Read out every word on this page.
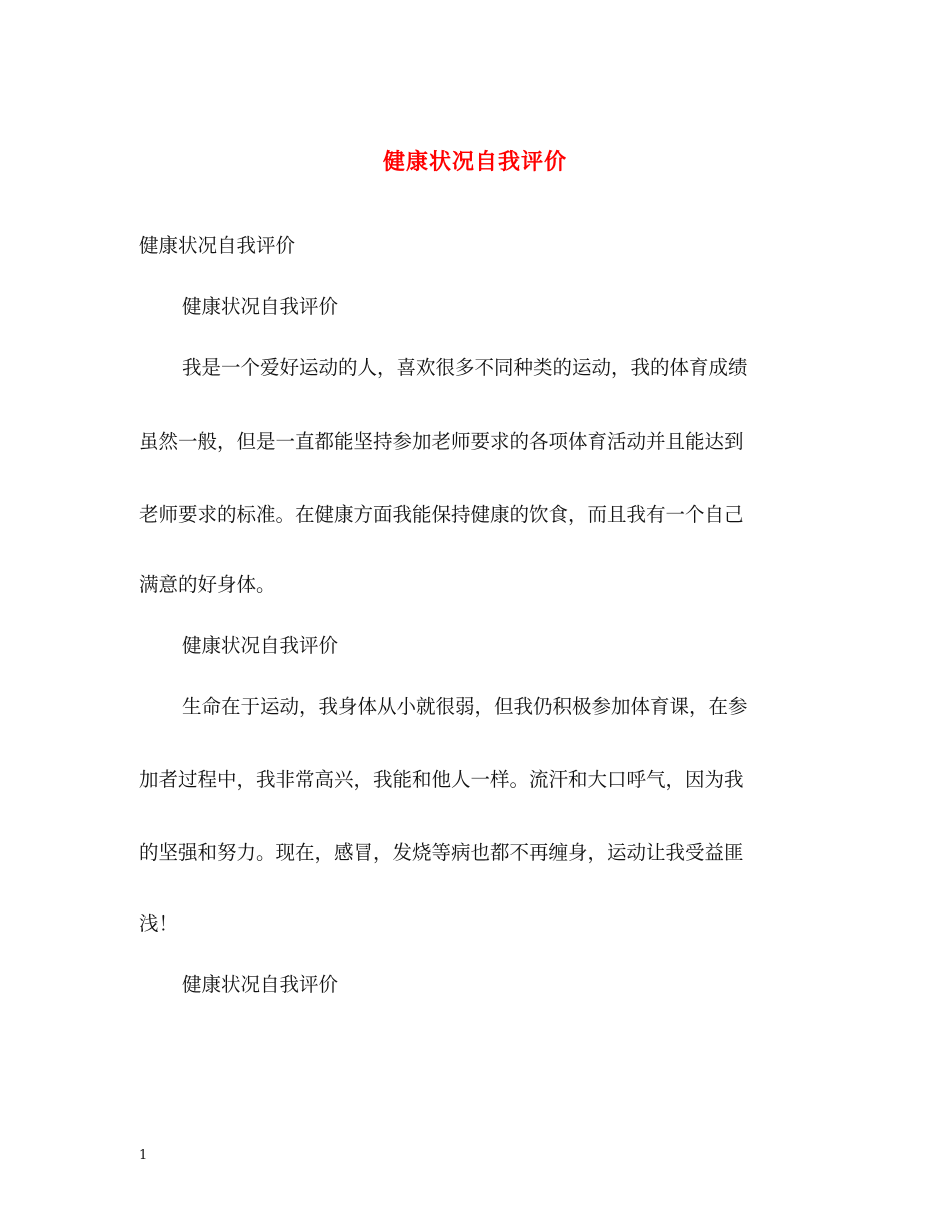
健康状况自我评价
健康状况自我评价
健康状况自我评价
我是一个爱好运动的人，喜欢很多不同种类的运动，我的体育成绩
虽然一般，但是一直都能坚持参加老师要求的各项体育活动并且能达到
老师要求的标准。在健康方面我能保持健康的饮食，而且我有一个自己
满意的好身体。
健康状况自我评价
生命在于运动，我身体从小就很弱，但我仍积极参加体育课，在参
加者过程中，我非常高兴，我能和他人一样。流汗和大口呼气，因为我
的坚强和努力。现在，感冒，发烧等病也都不再缠身，运动让我受益匪
浅！
健康状况自我评价
1
